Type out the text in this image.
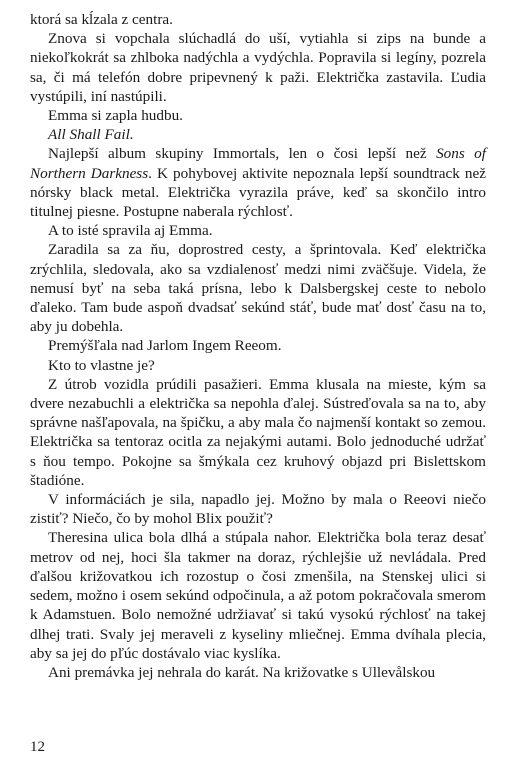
ktorá sa kĺzala z centra.

Znova si vopchala slúchadlá do uší, vytiahla si zips na bunde a niekoľkokrát sa zhlboka nadýchla a vydýchla. Popravila si legíny, pozrela sa, či má telefón dobre pripevnený k paži. Električka zastavila. Ľudia vystúpili, iní nastúpili.

Emma si zapla hudbu.

All Shall Fail.

Najlepší album skupiny Immortals, len o čosi lepší než Sons of Northern Darkness. K pohybovej aktivite nepoznala lepší soundtrack než nórsky black metal. Električka vyrazila práve, keď sa skončilo intro titulnej piesne. Postupne naberala rýchlosť.

A to isté spravila aj Emma.

Zaradila sa za ňu, doprostred cesty, a šprintovala. Keď električka zrýchlila, sledovala, ako sa vzdialenosť medzi nimi zväčšuje. Videla, že nemusí byť na seba taká prísna, lebo k Dalsbergskej ceste to nebolo ďaleko. Tam bude aspoň dvadsať sekúnd stáť, bude mať dosť času na to, aby ju dobehla.

Premýšľala nad Jarlom Ingem Reeom.

Kto to vlastne je?

Z útrob vozidla prúdili pasažieri. Emma klusala na mieste, kým sa dvere nezabuchli a električka sa nepohla ďalej. Sústreďovala sa na to, aby správne našľapovala, na špičku, a aby mala čo najmenší kontakt so zemou. Električka sa tentoraz ocitla za nejakými autami. Bolo jednoduché udržať s ňou tempo. Pokojne sa šmýkala cez kruhový objazd pri Bislettskom štadióne.

V informáciách je sila, napadlo jej. Možno by mala o Reeovi niečo zistiť? Niečo, čo by mohol Blix použiť?

Theresina ulica bola dlhá a stúpala nahor. Električka bola teraz desať metrov od nej, hoci šla takmer na doraz, rýchlejšie už nevládala. Pred ďalšou križovatkou ich rozostup o čosi zmenšila, na Stenskej ulici si sedem, možno i osem sekúnd odpočinula, a až potom pokračovala smerom k Adamstuen. Bolo nemožné udržiavať si takú vysokú rýchlosť na takej dlhej trati. Svaly jej meraveli z kyseliny mliečnej. Emma dvíhala plecia, aby sa jej do pľúc dostávalo viac kyslíka.

Ani premávka jej nehrala do karát. Na križovatke s Ullevålskou

12
